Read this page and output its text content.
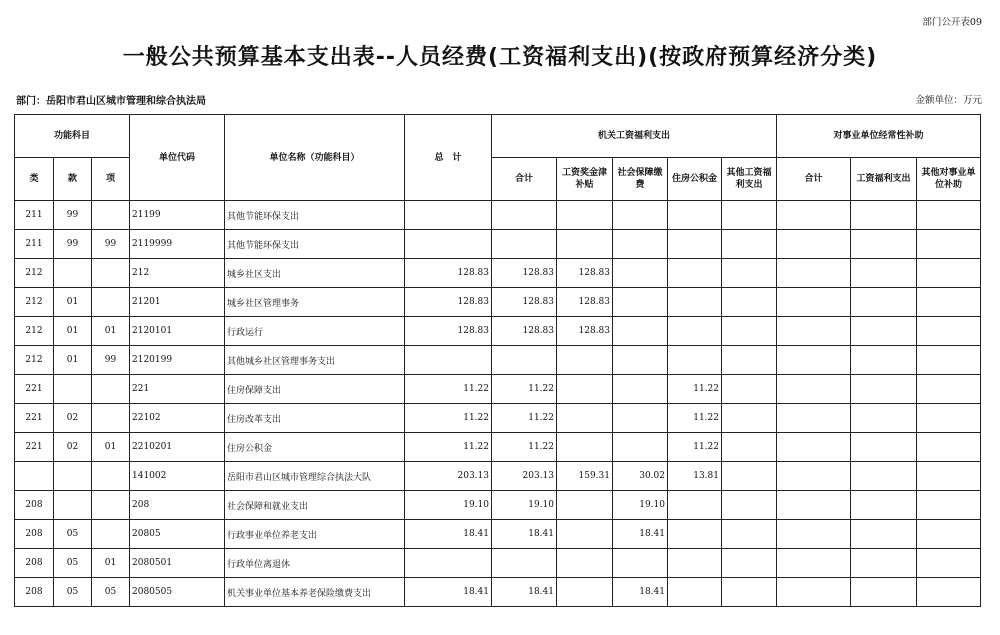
部门公开表09
一般公共预算基本支出表--人员经费(工资福利支出)(按政府预算经济分类)
部门：岳阳市君山区城市管理和综合执法局	金额单位：万元
功能科目			单位代码	单位名称（功能科目）	总　计	机关工资福利支出					对事业单位经常性补助		
类	款	项				合计	工资奖金津补贴	社会保障缴费	住房公积金	其他工资福利支出	合计	工资福利支出	其他对事业单位补助
211	99		21199	其他节能环保支出									
211	99	99	2119999	其他节能环保支出									
212			212	城乡社区支出	128.83	128.83	128.83						
212	01		21201	城乡社区管理事务	128.83	128.83	128.83						
212	01	01	2120101	行政运行	128.83	128.83	128.83						
212	01	99	2120199	其他城乡社区管理事务支出									
221			221	住房保障支出	11.22	11.22			11.22				
221	02		22102	住房改革支出	11.22	11.22			11.22				
221	02	01	2210201	住房公积金	11.22	11.22			11.22				
			141002	岳阳市君山区城市管理综合执法大队	203.13	203.13	159.31	30.02	13.81				
208			208	社会保障和就业支出	19.10	19.10		19.10					
208	05		20805	行政事业单位养老支出	18.41	18.41		18.41					
208	05	01	2080501	行政单位离退休									
208	05	05	2080505	机关事业单位基本养老保险缴费支出	18.41	18.41		18.41					
